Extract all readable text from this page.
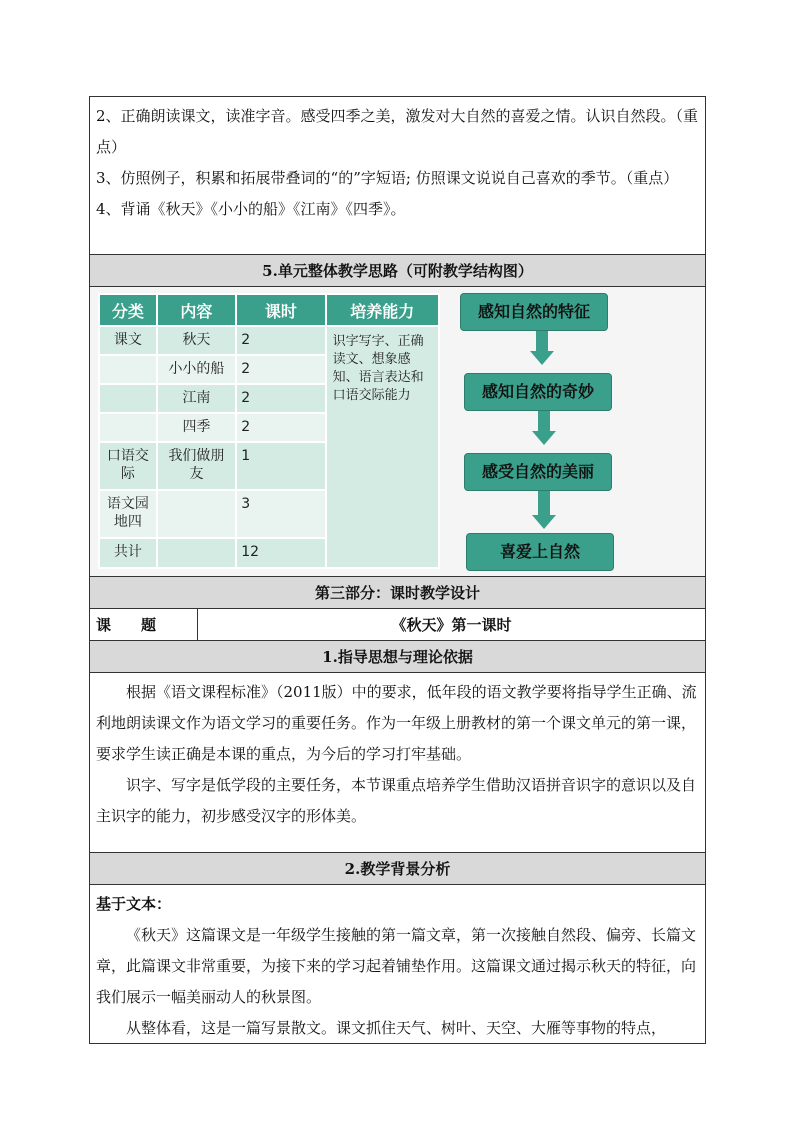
2、正确朗读课文，读准字音。感受四季之美，激发对大自然的喜爱之情。认识自然段。（重点）

3、仿照例子，积累和拓展带叠词的“的”字短语; 仿照课文说说自己喜欢的季节。（重点）

4、背诵《秋天》《小小的船》《江南》《四季》。

5.单元整体教学思路（可附教学结构图）
分类	内容	课时	培养能力
课文	秋天	2	识字写字、正确读文、想象感知、语言表达和口语交际能力
	小小的船	2	
	江南	2	
	四季	2	
口语交际	我们做朋友	1	
语文园地四		3	
共计		12	
感知自然的特征
感知自然的奇妙
感受自然的美丽
喜爱上自然
第三部分：课时教学设计
课　　题	《秋天》第一课时
1.指导思想与理论依据

根据《语文课程标准》（2011版）中的要求，低年段的语文教学要将指导学生正确、流利地朗读课文作为语文学习的重要任务。作为一年级上册教材的第一个课文单元的第一课，要求学生读正确是本课的重点，为今后的学习打牢基础。

识字、写字是低学段的主要任务，本节课重点培养学生借助汉语拼音识字的意识以及自主识字的能力，初步感受汉字的形体美。

2.教学背景分析

基于文本：

《秋天》这篇课文是一年级学生接触的第一篇文章，第一次接触自然段、偏旁、长篇文章，此篇课文非常重要，为接下来的学习起着铺垫作用。这篇课文通过揭示秋天的特征，向我们展示一幅美丽动人的秋景图。

从整体看，这是一篇写景散文。课文抓住天气、树叶、天空、大雁等事物的特点，
